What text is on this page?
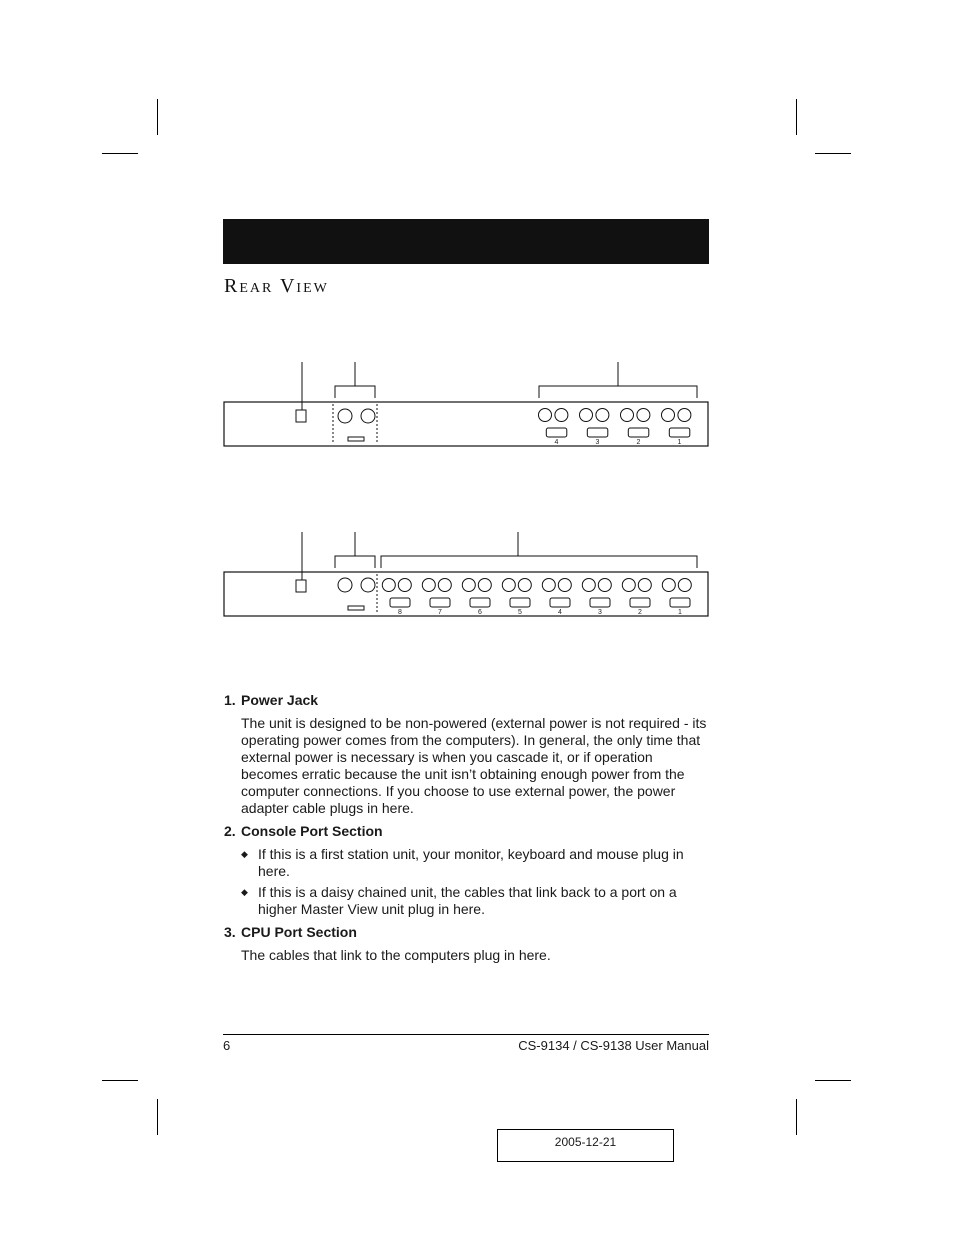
Rear View
4	3	2	1
8	7	6	5	4	3	2	1

1. Power Jack

The unit is designed to be non-powered (external power is not required - its operating power comes from the computers). In general, the only time that external power is necessary is when you cascade it, or if operation becomes erratic because the unit isn’t obtaining enough power from the computer connections. If you choose to use external power, the power adapter cable plugs in here.

2. Console Port Section

◆ If this is a first station unit, your monitor, keyboard and mouse plug in here.
◆ If this is a daisy chained unit, the cables that link back to a port on a higher Master View unit plug in here.

3. CPU Port Section

The cables that link to the computers plug in here.

6	CS-9134 / CS-9138 User Manual
2005-12-21
